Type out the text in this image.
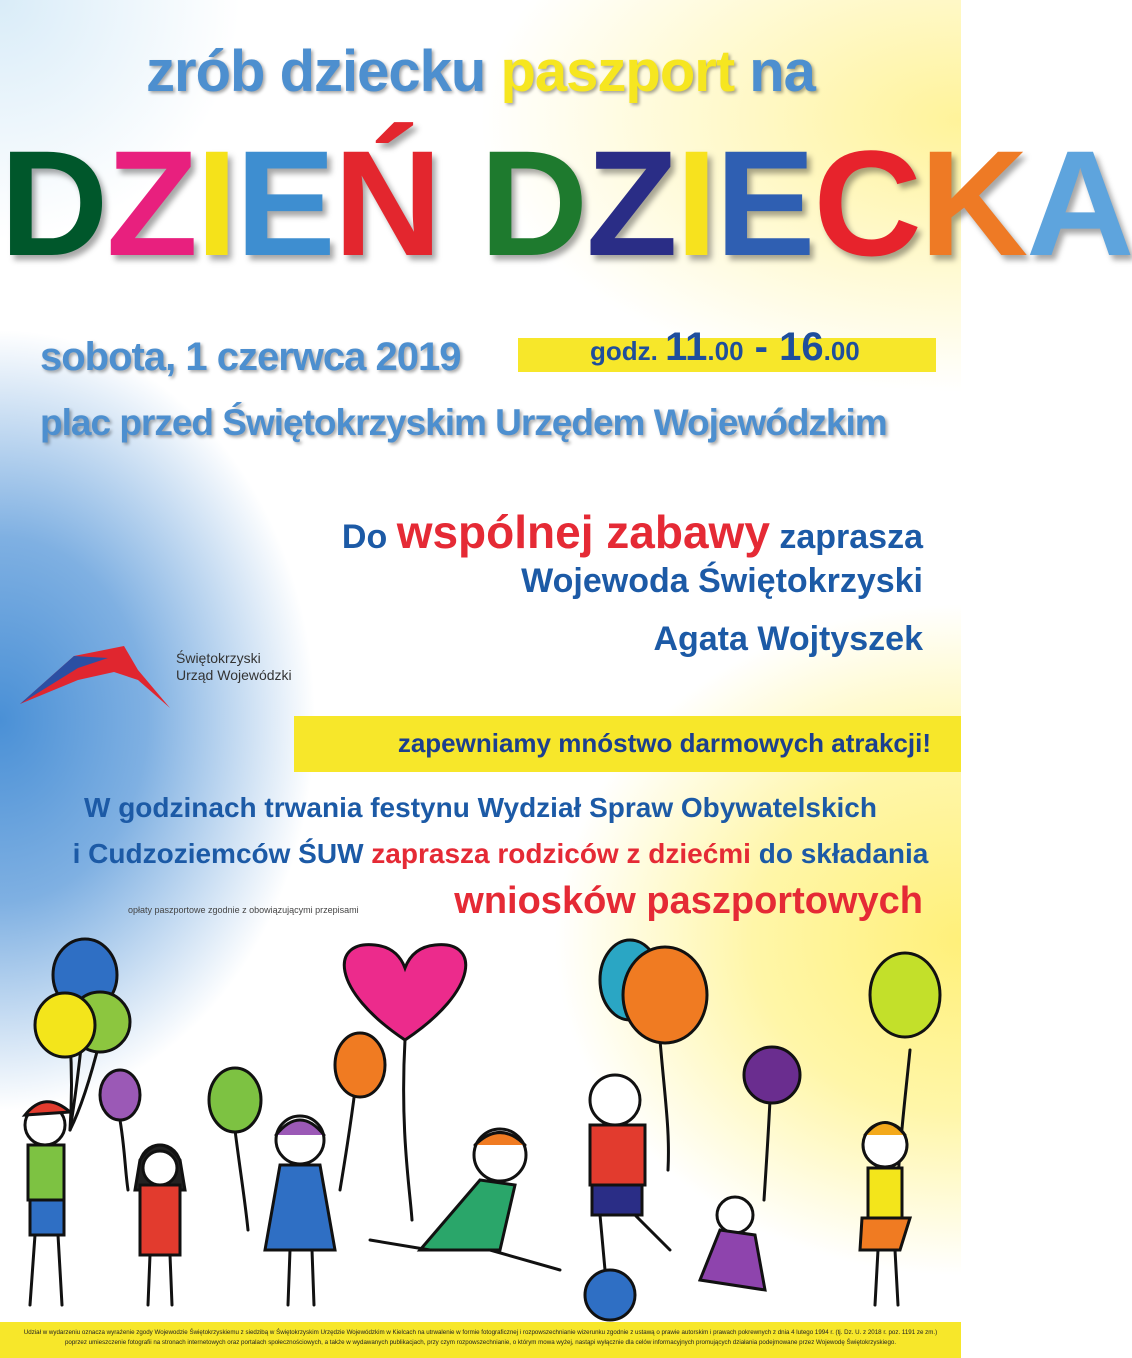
zrób dziecku paszport na
DZIEŃ DZIECKA
sobota, 1 czerwca 2019	godz. 11.00 - 16.00
plac przed Świętokrzyskim Urzędem Wojewódzkim
Do wspólnej zabawy zaprasza
Wojewoda Świętokrzyski
Agata Wojtyszek
Świętokrzyski
Urząd Wojewódzki
zapewniamy mnóstwo darmowych atrakcji!
W godzinach trwania festynu Wydział Spraw Obywatelskich
i Cudzoziemców ŚUW zaprasza rodziców z dziećmi do składania
opłaty paszportowe zgodnie z obowiązującymi przepisami	wniosków paszportowych
Udział w wydarzeniu oznacza wyrażenie zgody Wojewodzie Świętokrzyskiemu z siedzibą w Świętokrzyskim Urzędzie Wojewódzkim w Kielcach na utrwalenie w formie fotograficznej i rozpowszechnianie wizerunku zgodnie z ustawą o prawie autorskim i prawach pokrewnych z dnia 4 lutego 1994 r. (tj. Dz. U. z 2018 r. poz. 1191 ze zm.) poprzez umieszczenie fotografii na stronach internetowych oraz portalach społecznościowych, a także w wydawanych publikacjach, przy czym rozpowszechnianie, o którym mowa wyżej, nastąpi wyłącznie dla celów informacyjnych promujących działania podejmowane przez Wojewodę Świętokrzyskiego.
